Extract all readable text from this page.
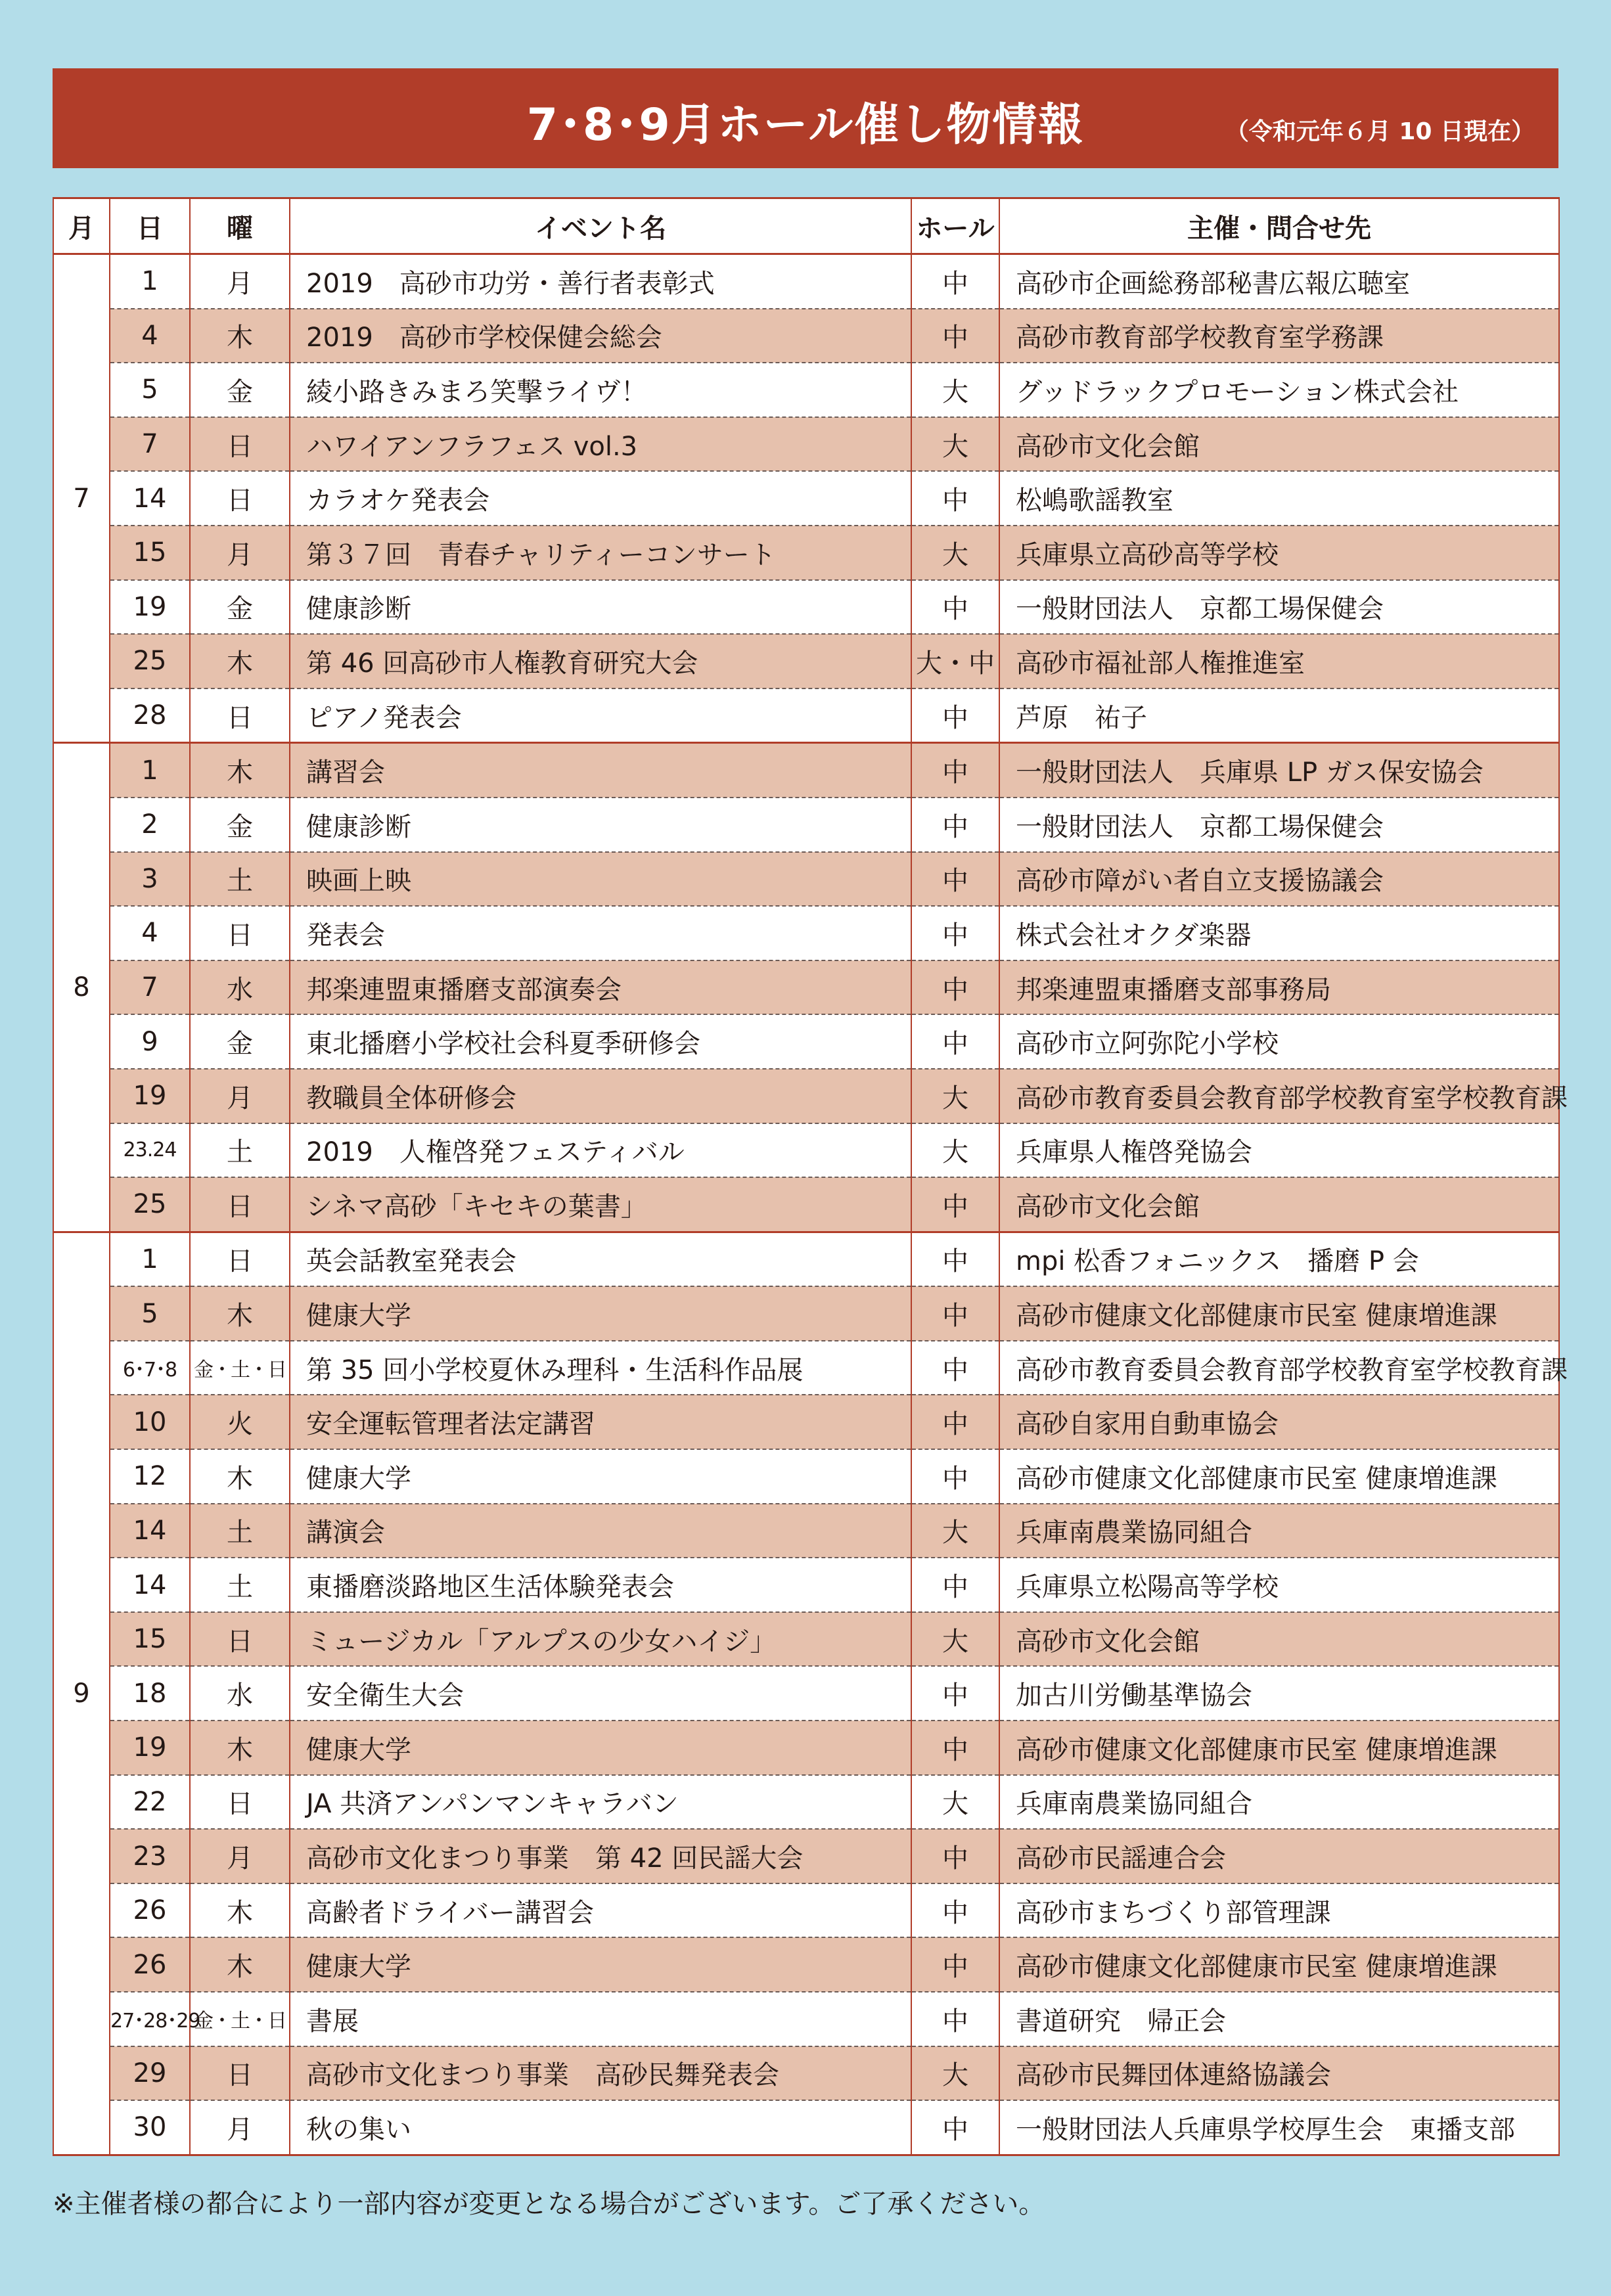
7･8･9月ホール催し物情報	（令和元年６月 10 日現在）
月	日	曜	イベント名	ホール	主催・問合せ先
7	1	月	2019　高砂市功労・善行者表彰式	中	高砂市企画総務部秘書広報広聴室
	4	木	2019　高砂市学校保健会総会	中	高砂市教育部学校教育室学務課
	5	金	綾小路きみまろ笑撃ライヴ！	大	グッドラックプロモーション株式会社
	7	日	ハワイアンフラフェス vol.3	大	高砂市文化会館
	14	日	カラオケ発表会	中	松嶋歌謡教室
	15	月	第３７回　青春チャリティーコンサート	大	兵庫県立高砂高等学校
	19	金	健康診断	中	一般財団法人　京都工場保健会
	25	木	第 46 回高砂市人権教育研究大会	大・中	高砂市福祉部人権推進室
	28	日	ピアノ発表会	中	芦原　祐子
8	1	木	講習会	中	一般財団法人　兵庫県 LP ガス保安協会
	2	金	健康診断	中	一般財団法人　京都工場保健会
	3	土	映画上映	中	高砂市障がい者自立支援協議会
	4	日	発表会	中	株式会社オクダ楽器
	7	水	邦楽連盟東播磨支部演奏会	中	邦楽連盟東播磨支部事務局
	9	金	東北播磨小学校社会科夏季研修会	中	高砂市立阿弥陀小学校
	19	月	教職員全体研修会	大	高砂市教育委員会教育部学校教育室学校教育課
	23.24	土	2019　人権啓発フェスティバル	大	兵庫県人権啓発協会
	25	日	シネマ高砂「キセキの葉書」	中	高砂市文化会館
9	1	日	英会話教室発表会	中	mpi 松香フォニックス　播磨 P 会
	5	木	健康大学	中	高砂市健康文化部健康市民室 健康増進課
	6･7･8	金・土・日	第 35 回小学校夏休み理科・生活科作品展	中	高砂市教育委員会教育部学校教育室学校教育課
	10	火	安全運転管理者法定講習	中	高砂自家用自動車協会
	12	木	健康大学	中	高砂市健康文化部健康市民室 健康増進課
	14	土	講演会	大	兵庫南農業協同組合
	14	土	東播磨淡路地区生活体験発表会	中	兵庫県立松陽高等学校
	15	日	ミュージカル「アルプスの少女ハイジ」	大	高砂市文化会館
	18	水	安全衛生大会	中	加古川労働基準協会
	19	木	健康大学	中	高砂市健康文化部健康市民室 健康増進課
	22	日	JA 共済アンパンマンキャラバン	大	兵庫南農業協同組合
	23	月	高砂市文化まつり事業　第 42 回民謡大会	中	高砂市民謡連合会
	26	木	高齢者ドライバー講習会	中	高砂市まちづくり部管理課
	26	木	健康大学	中	高砂市健康文化部健康市民室 健康増進課
	27･28･29	金・土・日	書展	中	書道研究　帰正会
	29	日	高砂市文化まつり事業　高砂民舞発表会	大	高砂市民舞団体連絡協議会
	30	月	秋の集い	中	一般財団法人兵庫県学校厚生会　東播支部
※主催者様の都合により一部内容が変更となる場合がございます。ご了承ください。
